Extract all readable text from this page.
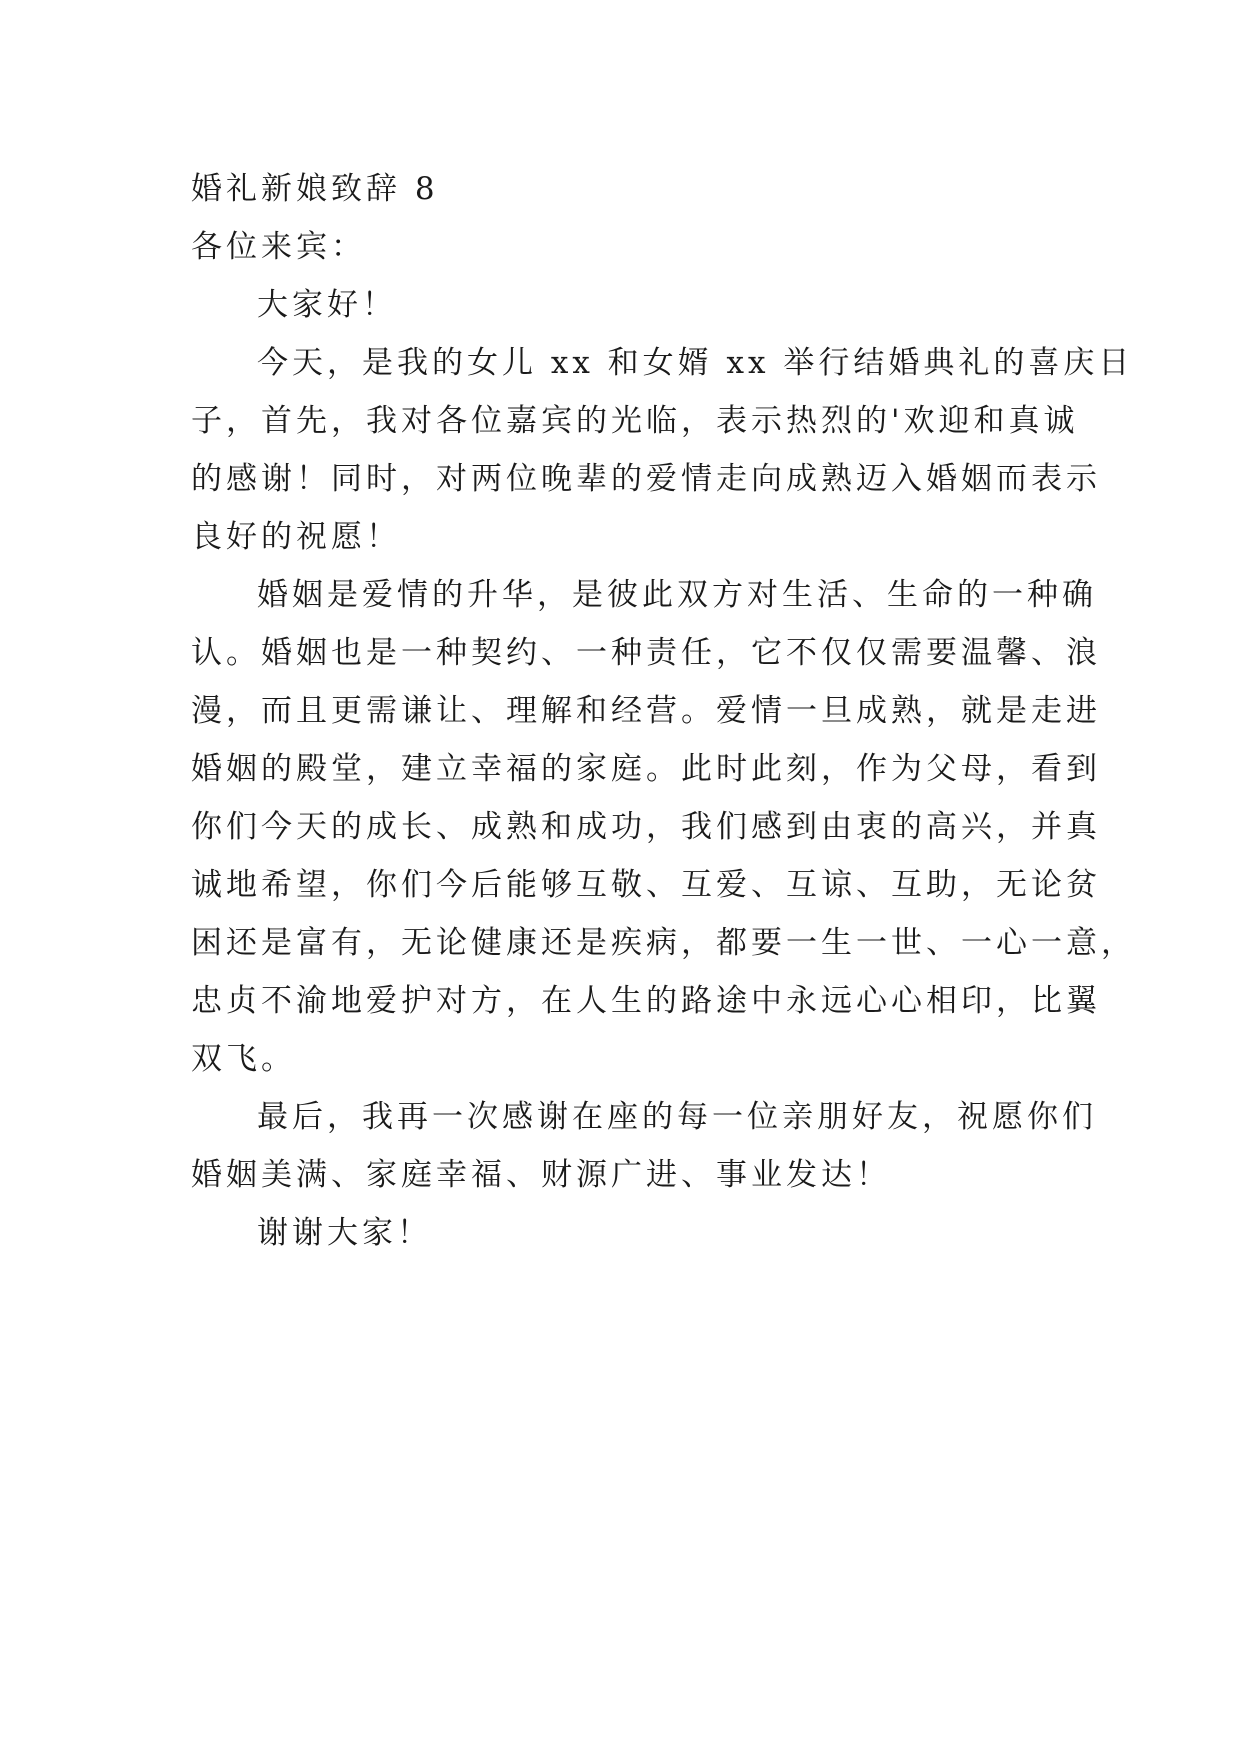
婚礼新娘致辞 8

各位来宾：

大家好！

今天，是我的女儿 xx 和女婿 xx 举行结婚典礼的喜庆日

子，首先，我对各位嘉宾的光临，表示热烈的'欢迎和真诚

的感谢！同时，对两位晚辈的爱情走向成熟迈入婚姻而表示

良好的祝愿！

婚姻是爱情的升华，是彼此双方对生活、生命的一种确

认。婚姻也是一种契约、一种责任，它不仅仅需要温馨、浪

漫，而且更需谦让、理解和经营。爱情一旦成熟，就是走进

婚姻的殿堂，建立幸福的家庭。此时此刻，作为父母，看到

你们今天的成长、成熟和成功，我们感到由衷的高兴，并真

诚地希望，你们今后能够互敬、互爱、互谅、互助，无论贫

困还是富有，无论健康还是疾病，都要一生一世、一心一意，

忠贞不渝地爱护对方，在人生的路途中永远心心相印，比翼

双飞。

最后，我再一次感谢在座的每一位亲朋好友，祝愿你们

婚姻美满、家庭幸福、财源广进、事业发达！

谢谢大家！
